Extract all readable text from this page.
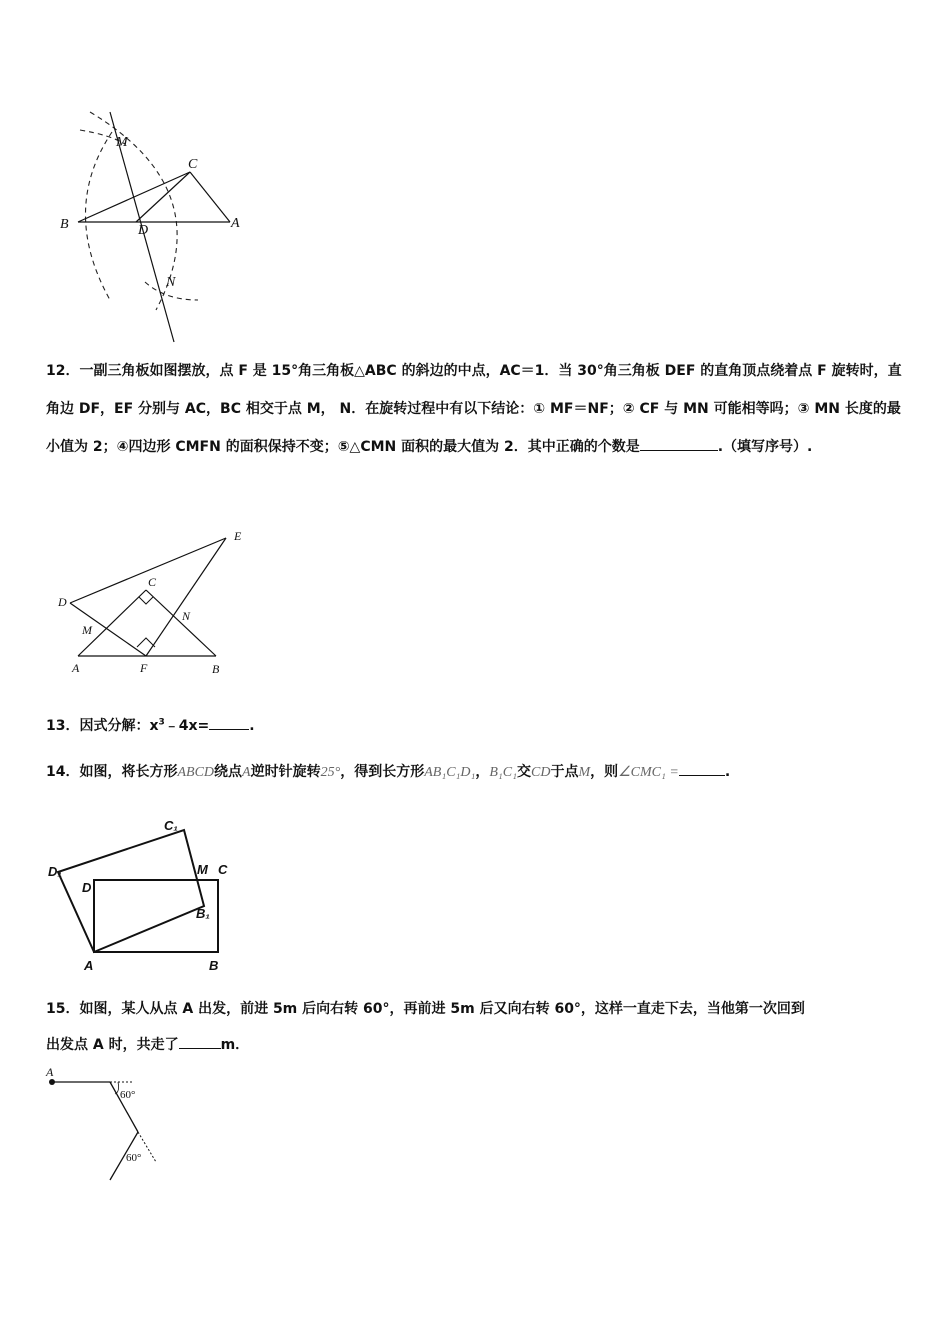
M
C
B	D	A
N
12．一副三角板如图摆放，点 F 是 15°角三角板△ABC 的斜边的中点，AC＝1．当 30°角三角板 DEF 的直角顶点绕着点 F 旋转时，直角边 DF，EF 分别与 AC，BC 相交于点 M， N．在旋转过程中有以下结论：① MF＝NF；② CF 与 MN 可能相等吗；③ MN 长度的最小值为 2；④四边形 CMFN 的面积保持不变；⑤△CMN 面积的最大值为 2．其中正确的个数是	.（填写序号）.
E
C
D
N
M
A	F	B
13．因式分解：$x^3﹣4x=$	.
14．如图，将长方形ABCD绕点A逆时针旋转25°，得到长方形AB₁C₁D₁，B₁C₁交CD于点M，则∠CMC₁ =	.
C₁
D₁	M C
D
B₁
A	B
15．如图，某人从点 A 出发，前进 5m 后向右转 60°，再前进 5m 后又向右转 60°，这样一直走下去，当他第一次回到
出发点 A 时，共走了	m．
A
60°
60°
